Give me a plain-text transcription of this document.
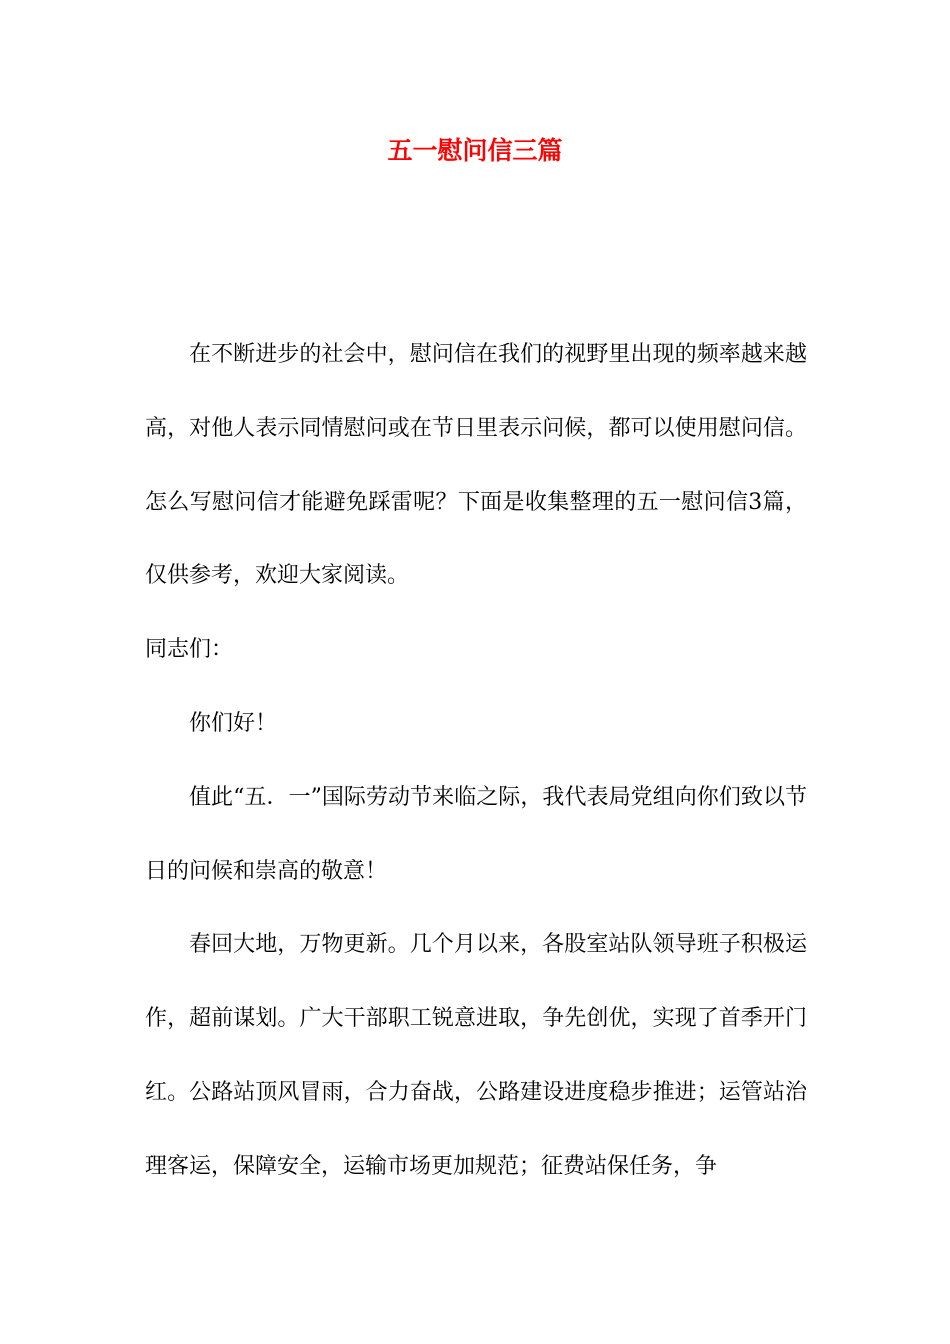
五一慰问信三篇

在不断进步的社会中，慰问信在我们的视野里出现的频率越来越高，对他人表示同情慰问或在节日里表示问候，都可以使用慰问信。怎么写慰问信才能避免踩雷呢？下面是收集整理的五一慰问信3篇，仅供参考，欢迎大家阅读。

同志们：

你们好！

值此“五．一”国际劳动节来临之际，我代表局党组向你们致以节日的问候和崇高的敬意！

春回大地，万物更新。几个月以来，各股室站队领导班子积极运作，超前谋划。广大干部职工锐意进取，争先创优，实现了首季开门红。公路站顶风冒雨，合力奋战，公路建设进度稳步推进；运管站治理客运，保障安全，运输市场更加规范；征费站保任务，争
